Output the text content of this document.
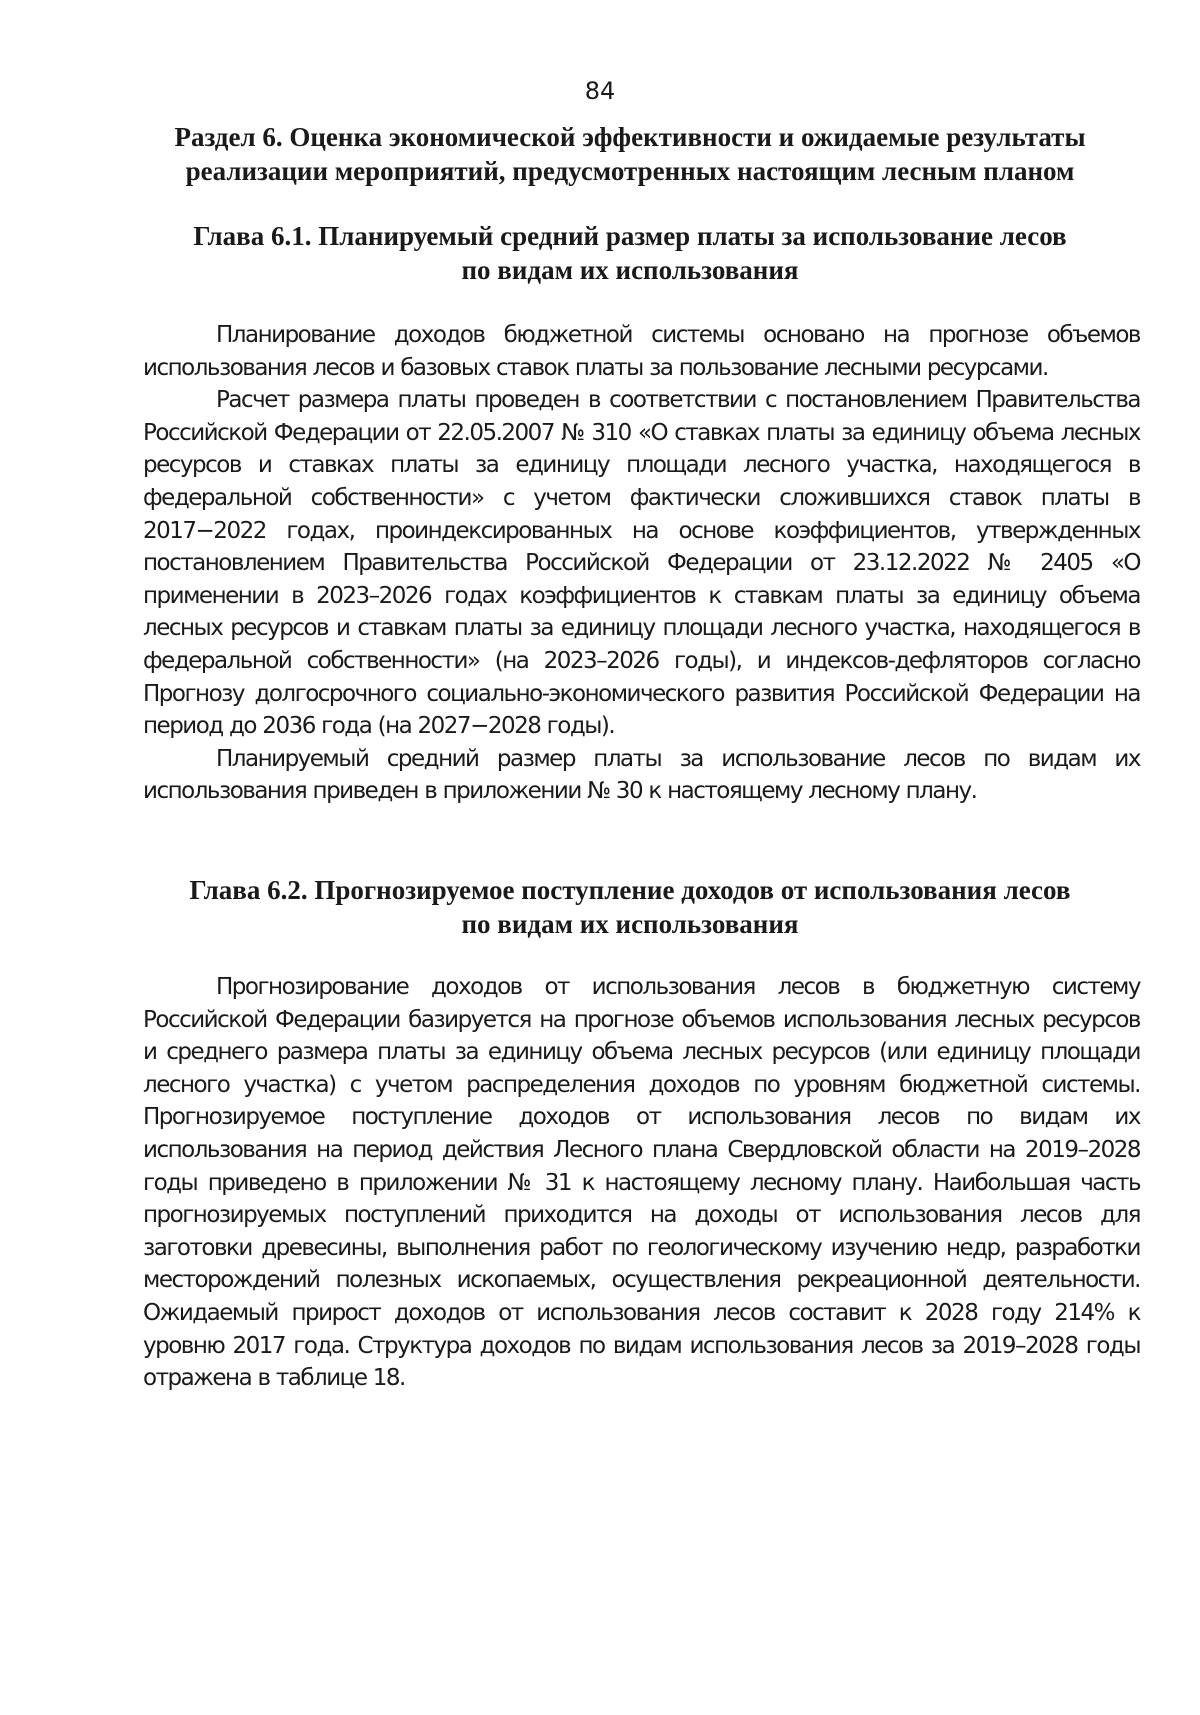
84
Раздел 6. Оценка экономической эффективности и ожидаемые результаты
реализации мероприятий, предусмотренных настоящим лесным планом
Глава 6.1. Планируемый средний размер платы за использование лесов
по видам их использования

Планирование доходов бюджетной системы основано на прогнозе объемов использования лесов и базовых ставок платы за пользование лесными ресурсами.

Расчет размера платы проведен в соответствии с постановлением Правительства Российской Федерации от 22.05.2007 № 310 «О ставках платы за единицу объема лесных ресурсов и ставках платы за единицу площади лесного участка, находящегося в федеральной собственности» с учетом фактически сложившихся ставок платы в 2017−2022 годах, проиндексированных на основе коэффициентов, утвержденных постановлением Правительства Российской Федерации от 23.12.2022 № 2405 «О применении в 2023–2026 годах коэффициентов к ставкам платы за единицу объема лесных ресурсов и ставкам платы за единицу площади лесного участка, находящегося в федеральной собственности» (на 2023–2026 годы), и индексов-дефляторов согласно Прогнозу долгосрочного социально-экономического развития Российской Федерации на период до 2036 года (на 2027−2028 годы).

Планируемый средний размер платы за использование лесов по видам их использования приведен в приложении № 30 к настоящему лесному плану.

Глава 6.2. Прогнозируемое поступление доходов от использования лесов
по видам их использования

Прогнозирование доходов от использования лесов в бюджетную систему Российской Федерации базируется на прогнозе объемов использования лесных ресурсов и среднего размера платы за единицу объема лесных ресурсов (или единицу площади лесного участка) с учетом распределения доходов по уровням бюджетной системы. Прогнозируемое поступление доходов от использования лесов по видам их использования на период действия Лесного плана Свердловской области на 2019–2028 годы приведено в приложении № 31 к настоящему лесному плану. Наибольшая часть прогнозируемых поступлений приходится на доходы от использования лесов для заготовки древесины, выполнения работ по геологическому изучению недр, разработки месторождений полезных ископаемых, осуществления рекреационной деятельности. Ожидаемый прирост доходов от использования лесов составит к 2028 году 214% к уровню 2017 года. Структура доходов по видам использования лесов за 2019–2028 годы отражена в таблице 18.
